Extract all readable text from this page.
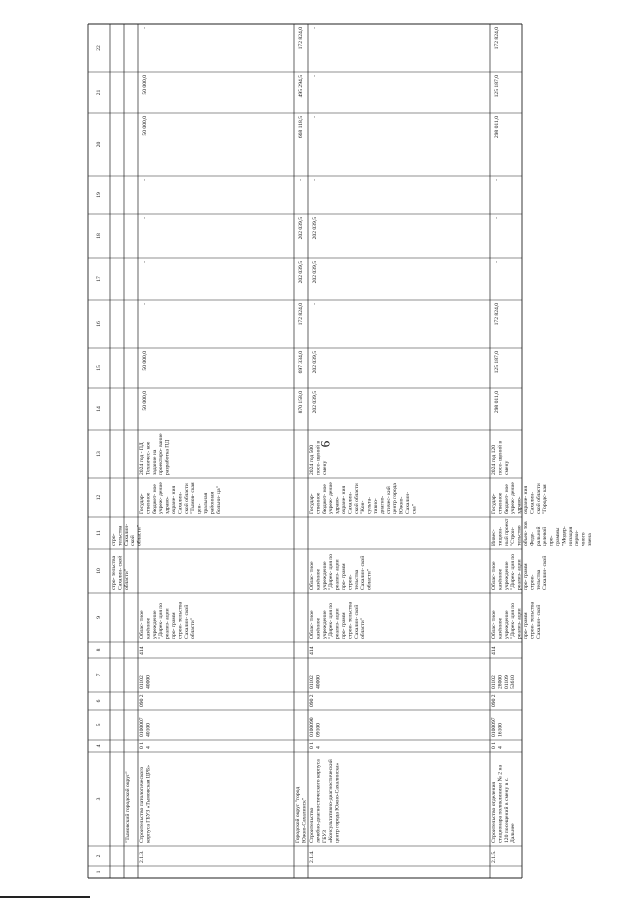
1
2
3
4
5
6
7
8
9
10
11
12
13
14
15
16
17
18
19
20
21
22
стро- тельстваСахалин- скойобласти"
стро-тельстваСахалин-скойобласти"
"Тымовский городской округ"	Городской округ "городЮжно-Сахалинск"
870 158,0
697 334,0
172 824,0
202 039,5
202 039,5
-
668 118,5
495 294,5
172 824,0
2.1.3.
Строительство патологическогокорпуса ГБУЗ «Тымовская ЦРБ»
0 14
010000740100
090 2
0110240000
414
Облас- тноеказённоеучреждение"Дирек- ция пореализ- ациипро- граммстрои- тельстваСахалин- скойобласти"
Государ-ственноебюджет- ноеучреж- дениездраво-охране- нияСахалин-ской области"Тымов- скаяцен-тральнаярайоннаябольни- ца"
2024 год - ПДТехничес- коезадание напроектиро- ваниеразработка ПД
50 000,0
50 000,0
-
-
-
-
50 000,0
50 000,0
-
2.1.4.
Строительстволечебно-диагностического корпусаГБУЗ«Консультативно-диагностическийцентр города Южно-Сахалинска»
0 14
010009009100
090 2
0110240000
414
Облас- тноеказённоеучреждение"Дирек- ция пореализ- ациипро- граммстрои- тельстваСахалин- скойобласти"
Облас- тноеказённоеучреждение"Дирек- ция пореализ- ациипро- граммстрои-тельстваСахалин- скойобласти"
Государ-ственноебюджет- ноеучреж- дениездраво-охране- нияСахалин-ской области"Кон-сульта-тивно-диагно-стичес- кийцентр городаЮжно-Сахалин-ска"
2024 год 500посе- щений всмену
202 039,5
202 039,5
-
202 039,5
202 039,5
-
-
-
-
2.1.5.
Строительство отделениястационара поликлиники № 2 на120 посещений в смену в с.Дальнее
0 14
010009716100
090 2
01102280000110953610
414
Облас- тноеказённоеучреждение"Дирек- ция пореализ- ациипро- граммстрои- тельстваСахалин- ской
Облас- тноеказённоеучреждение"Дирек- ция пореализ- ациипро- граммстрои-тельстваСахалин- ской
Инвес-тицион-ный проект"Строи-тельствообъек- товФеде-ральнойцелевойпро-граммы"Модер-низацияперви-чногозвена
Государ-ственноебюджет- ноеучреж- дениездраво-охране- нияСахалин-ской области"Городс- кая
2024 год 120посе- щений всмену
298 011,0
125 187,0
172 824,0
-
-
-
298 011,0
125 187,0
172 824,0
9
